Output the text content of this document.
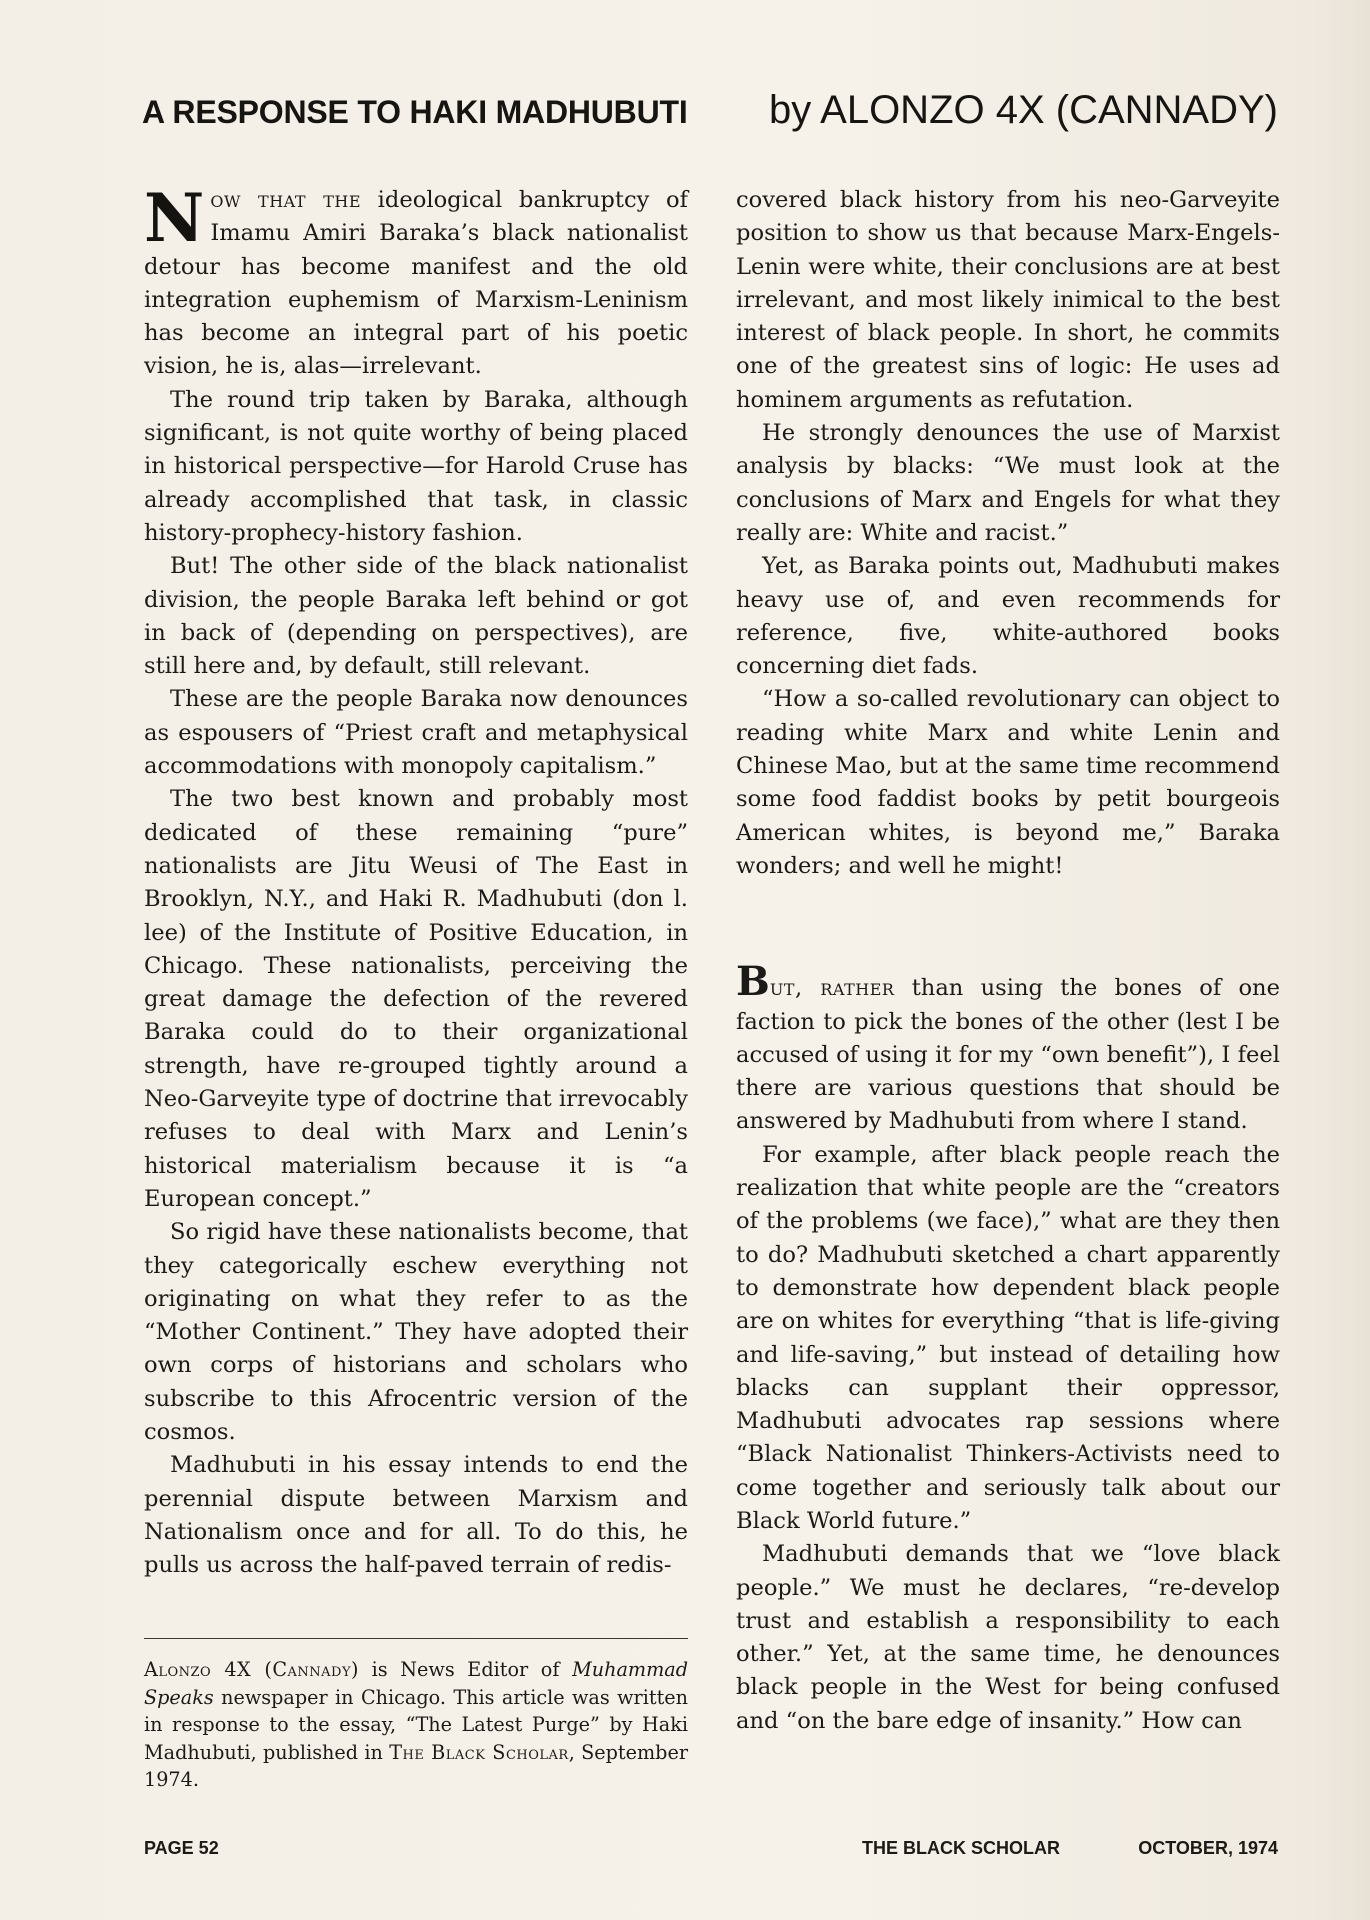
A RESPONSE TO HAKI MADHUBUTI by ALONZO 4X (CANNADY)

Now that the ideological bankruptcy of Imamu Amiri Baraka’s black nationalist detour has become manifest and the old integration euphemism of Marxism-Leninism has become an integral part of his poetic vision, he is, alas—irrelevant.

The round trip taken by Baraka, although significant, is not quite worthy of being placed in historical perspective—for Harold Cruse has already accomplished that task, in classic history-prophecy-history fashion.

But! The other side of the black nationalist division, the people Baraka left behind or got in back of (depending on perspectives), are still here and, by default, still relevant.

These are the people Baraka now denounces as espousers of “Priest craft and metaphysical accommodations with monopoly capitalism.”

The two best known and probably most dedicated of these remaining “pure” nationalists are Jitu Weusi of The East in Brooklyn, N.Y., and Haki R. Madhubuti (don l. lee) of the Institute of Positive Education, in Chicago. These nationalists, perceiving the great damage the defection of the revered Baraka could do to their organizational strength, have re-grouped tightly around a Neo-Garveyite type of doctrine that irrevocably refuses to deal with Marx and Lenin’s historical materialism because it is “a European concept.”

So rigid have these nationalists become, that they categorically eschew everything not originating on what they refer to as the “Mother Continent.” They have adopted their own corps of historians and scholars who subscribe to this Afrocentric version of the cosmos.

Madhubuti in his essay intends to end the perennial dispute between Marxism and Nationalism once and for all. To do this, he pulls us across the half-paved terrain of redis-

Alonzo 4X (Cannady) is News Editor of Muhammad Speaks newspaper in Chicago. This article was written in response to the essay, “The Latest Purge” by Haki Madhubuti, published in The Black Scholar, September 1974.

covered black history from his neo-Garveyite position to show us that because Marx-Engels-Lenin were white, their conclusions are at best irrelevant, and most likely inimical to the best interest of black people. In short, he commits one of the greatest sins of logic: He uses ad hominem arguments as refutation.

He strongly denounces the use of Marxist analysis by blacks: “We must look at the conclusions of Marx and Engels for what they really are: White and racist.”

Yet, as Baraka points out, Madhubuti makes heavy use of, and even recommends for reference, five, white-authored books concerning diet fads.

“How a so-called revolutionary can object to reading white Marx and white Lenin and Chinese Mao, but at the same time recommend some food faddist books by petit bourgeois American whites, is beyond me,” Baraka wonders; and well he might!

But, rather than using the bones of one faction to pick the bones of the other (lest I be accused of using it for my “own benefit”), I feel there are various questions that should be answered by Madhubuti from where I stand.

For example, after black people reach the realization that white people are the “creators of the problems (we face),” what are they then to do? Madhubuti sketched a chart apparently to demonstrate how dependent black people are on whites for everything “that is life-giving and life-saving,” but instead of detailing how blacks can supplant their oppressor, Madhubuti advocates rap sessions where “Black Nationalist Thinkers-Activists need to come together and seriously talk about our Black World future.”

Madhubuti demands that we “love black people.” We must he declares, “re-develop trust and establish a responsibility to each other.” Yet, at the same time, he denounces black people in the West for being confused and “on the bare edge of insanity.” How can

PAGE 52	THE BLACK SCHOLAR	OCTOBER, 1974
